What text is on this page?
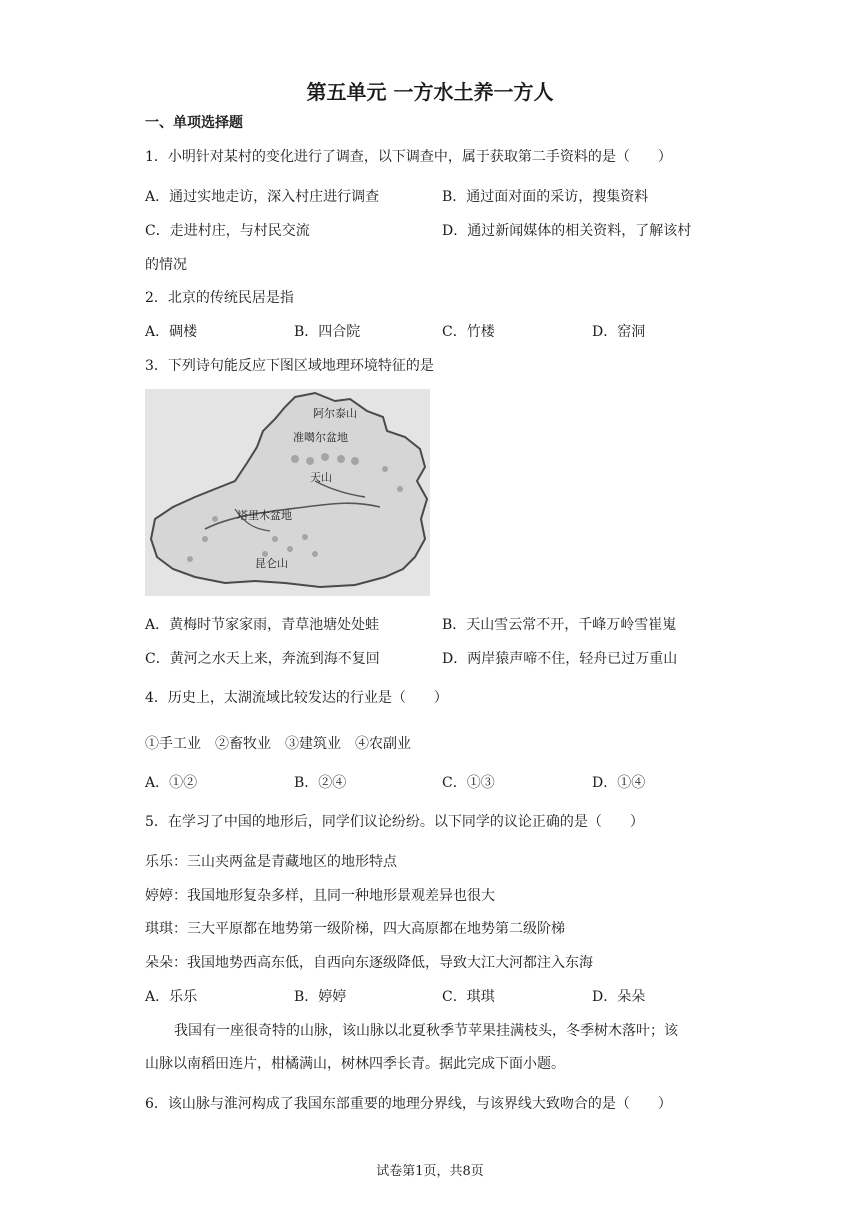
第五单元 一方水土养一方人
一、单项选择题
1．小明针对某村的变化进行了调查，以下调查中，属于获取第二手资料的是（　　）
A．通过实地走访，深入村庄进行调查	B．通过面对面的采访，搜集资料
C．走进村庄，与村民交流	D．通过新闻媒体的相关资料，了解该村
的情况
2．北京的传统民居是指
A．碉楼	B．四合院	C．竹楼	D．窑洞
3．下列诗句能反应下图区域地理环境特征的是
阿尔泰山
准噶尔盆地
天山
塔里木盆地
昆仑山
A．黄梅时节家家雨，青草池塘处处蛙	B．天山雪云常不开，千峰万岭雪崔嵬
C．黄河之水天上来，奔流到海不复回	D．两岸猿声啼不住，轻舟已过万重山
4．历史上，太湖流域比较发达的行业是（　　）
①手工业　②畜牧业　③建筑业　④农副业
A．①②	B．②④	C．①③	D．①④
5．在学习了中国的地形后，同学们议论纷纷。以下同学的议论正确的是（　　）
乐乐：三山夹两盆是青藏地区的地形特点
婷婷：我国地形复杂多样，且同一种地形景观差异也很大
琪琪：三大平原都在地势第一级阶梯，四大高原都在地势第二级阶梯
朵朵：我国地势西高东低，自西向东逐级降低，导致大江大河都注入东海
A．乐乐	B．婷婷	C．琪琪	D．朵朵
我国有一座很奇特的山脉，该山脉以北夏秋季节苹果挂满枝头，冬季树木落叶；该
山脉以南稻田连片，柑橘满山，树林四季长青。据此完成下面小题。
6．该山脉与淮河构成了我国东部重要的地理分界线，与该界线大致吻合的是（　　）
试卷第1页，共8页
